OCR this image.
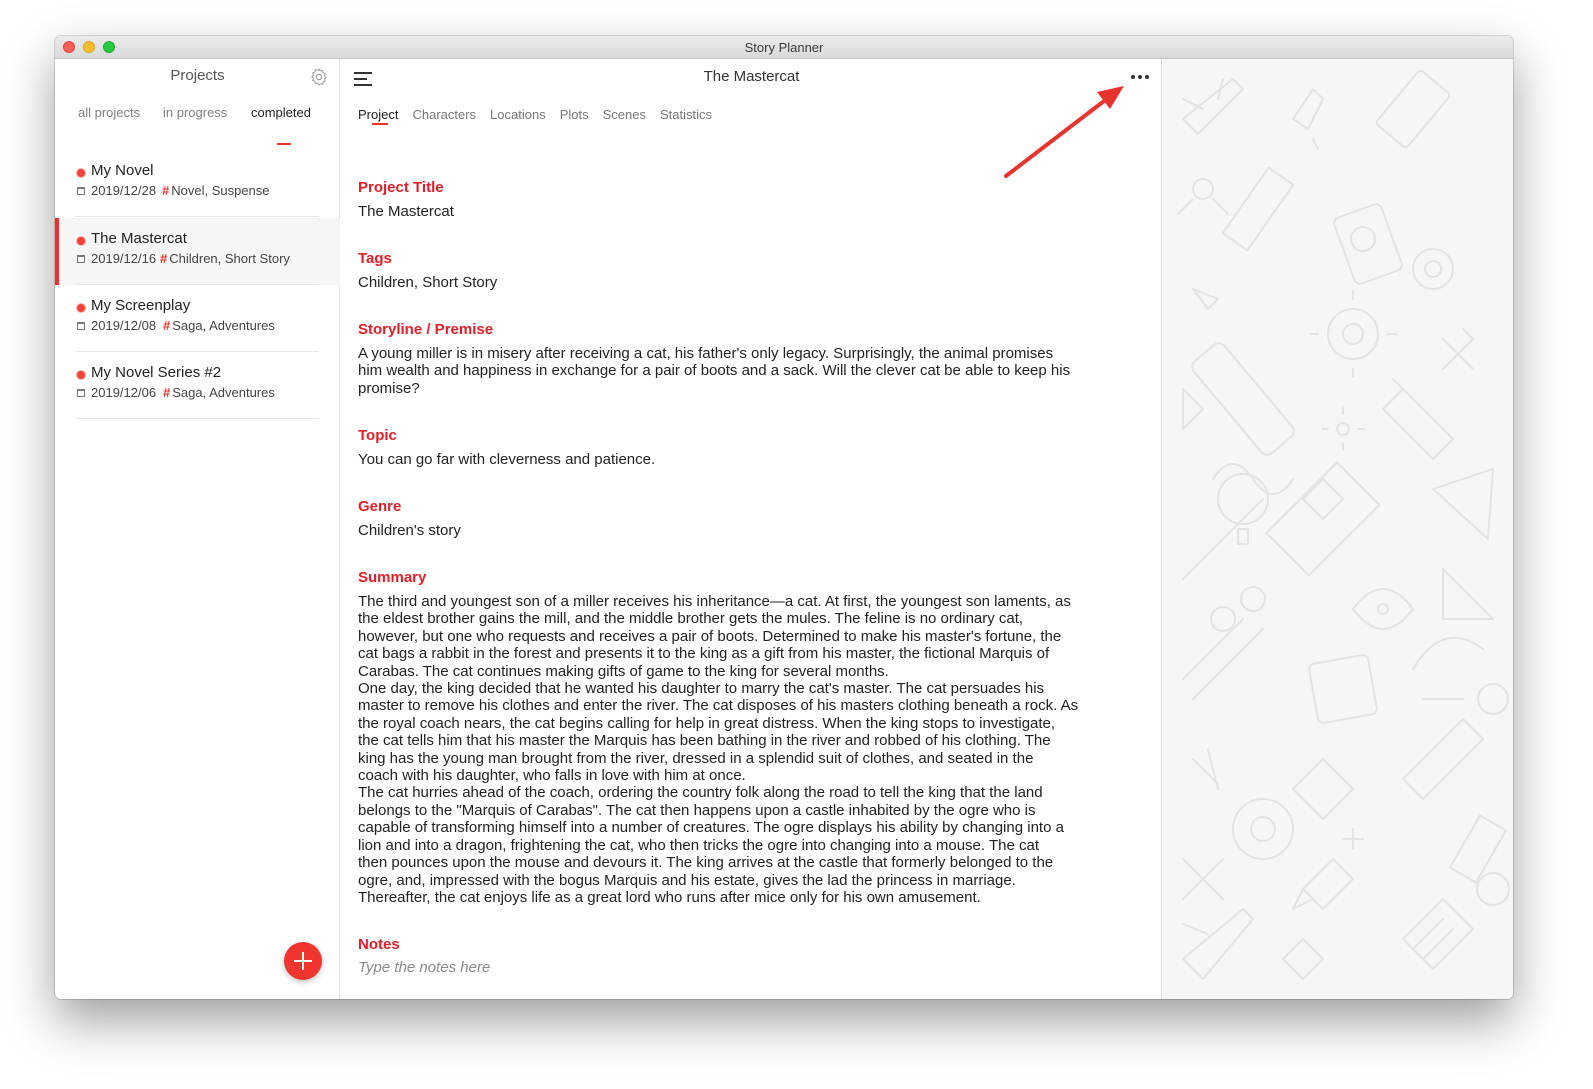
Story Planner
Projects
all projects in progress completed
My Novel
2019/12/28 # Novel, Suspense
The Mastercat
2019/12/16 # Children, Short Story
My Screenplay
2019/12/08 # Saga, Adventures
My Novel Series #2
2019/12/06 # Saga, Adventures
The Mastercat
Project Characters Locations Plots Scenes Statistics
Project Title
The Mastercat
Tags
Children, Short Story
Storyline / Premise
A young miller is in misery after receiving a cat, his father's only legacy. Surprisingly, the animal promises
him wealth and happiness in exchange for a pair of boots and a sack. Will the clever cat be able to keep his
promise?
Topic
You can go far with cleverness and patience.
Genre
Children's story
Summary
The third and youngest son of a miller receives his inheritance—a cat. At first, the youngest son laments, as
the eldest brother gains the mill, and the middle brother gets the mules. The feline is no ordinary cat,
however, but one who requests and receives a pair of boots. Determined to make his master's fortune, the
cat bags a rabbit in the forest and presents it to the king as a gift from his master, the fictional Marquis of
Carabas. The cat continues making gifts of game to the king for several months.
One day, the king decided that he wanted his daughter to marry the cat's master. The cat persuades his
master to remove his clothes and enter the river. The cat disposes of his masters clothing beneath a rock. As
the royal coach nears, the cat begins calling for help in great distress. When the king stops to investigate,
the cat tells him that his master the Marquis has been bathing in the river and robbed of his clothing. The
king has the young man brought from the river, dressed in a splendid suit of clothes, and seated in the
coach with his daughter, who falls in love with him at once.
The cat hurries ahead of the coach, ordering the country folk along the road to tell the king that the land
belongs to the "Marquis of Carabas". The cat then happens upon a castle inhabited by the ogre who is
capable of transforming himself into a number of creatures. The ogre displays his ability by changing into a
lion and into a dragon, frightening the cat, who then tricks the ogre into changing into a mouse. The cat
then pounces upon the mouse and devours it. The king arrives at the castle that formerly belonged to the
ogre, and, impressed with the bogus Marquis and his estate, gives the lad the princess in marriage.
Thereafter, the cat enjoys life as a great lord who runs after mice only for his own amusement.
Notes
Type the notes here
